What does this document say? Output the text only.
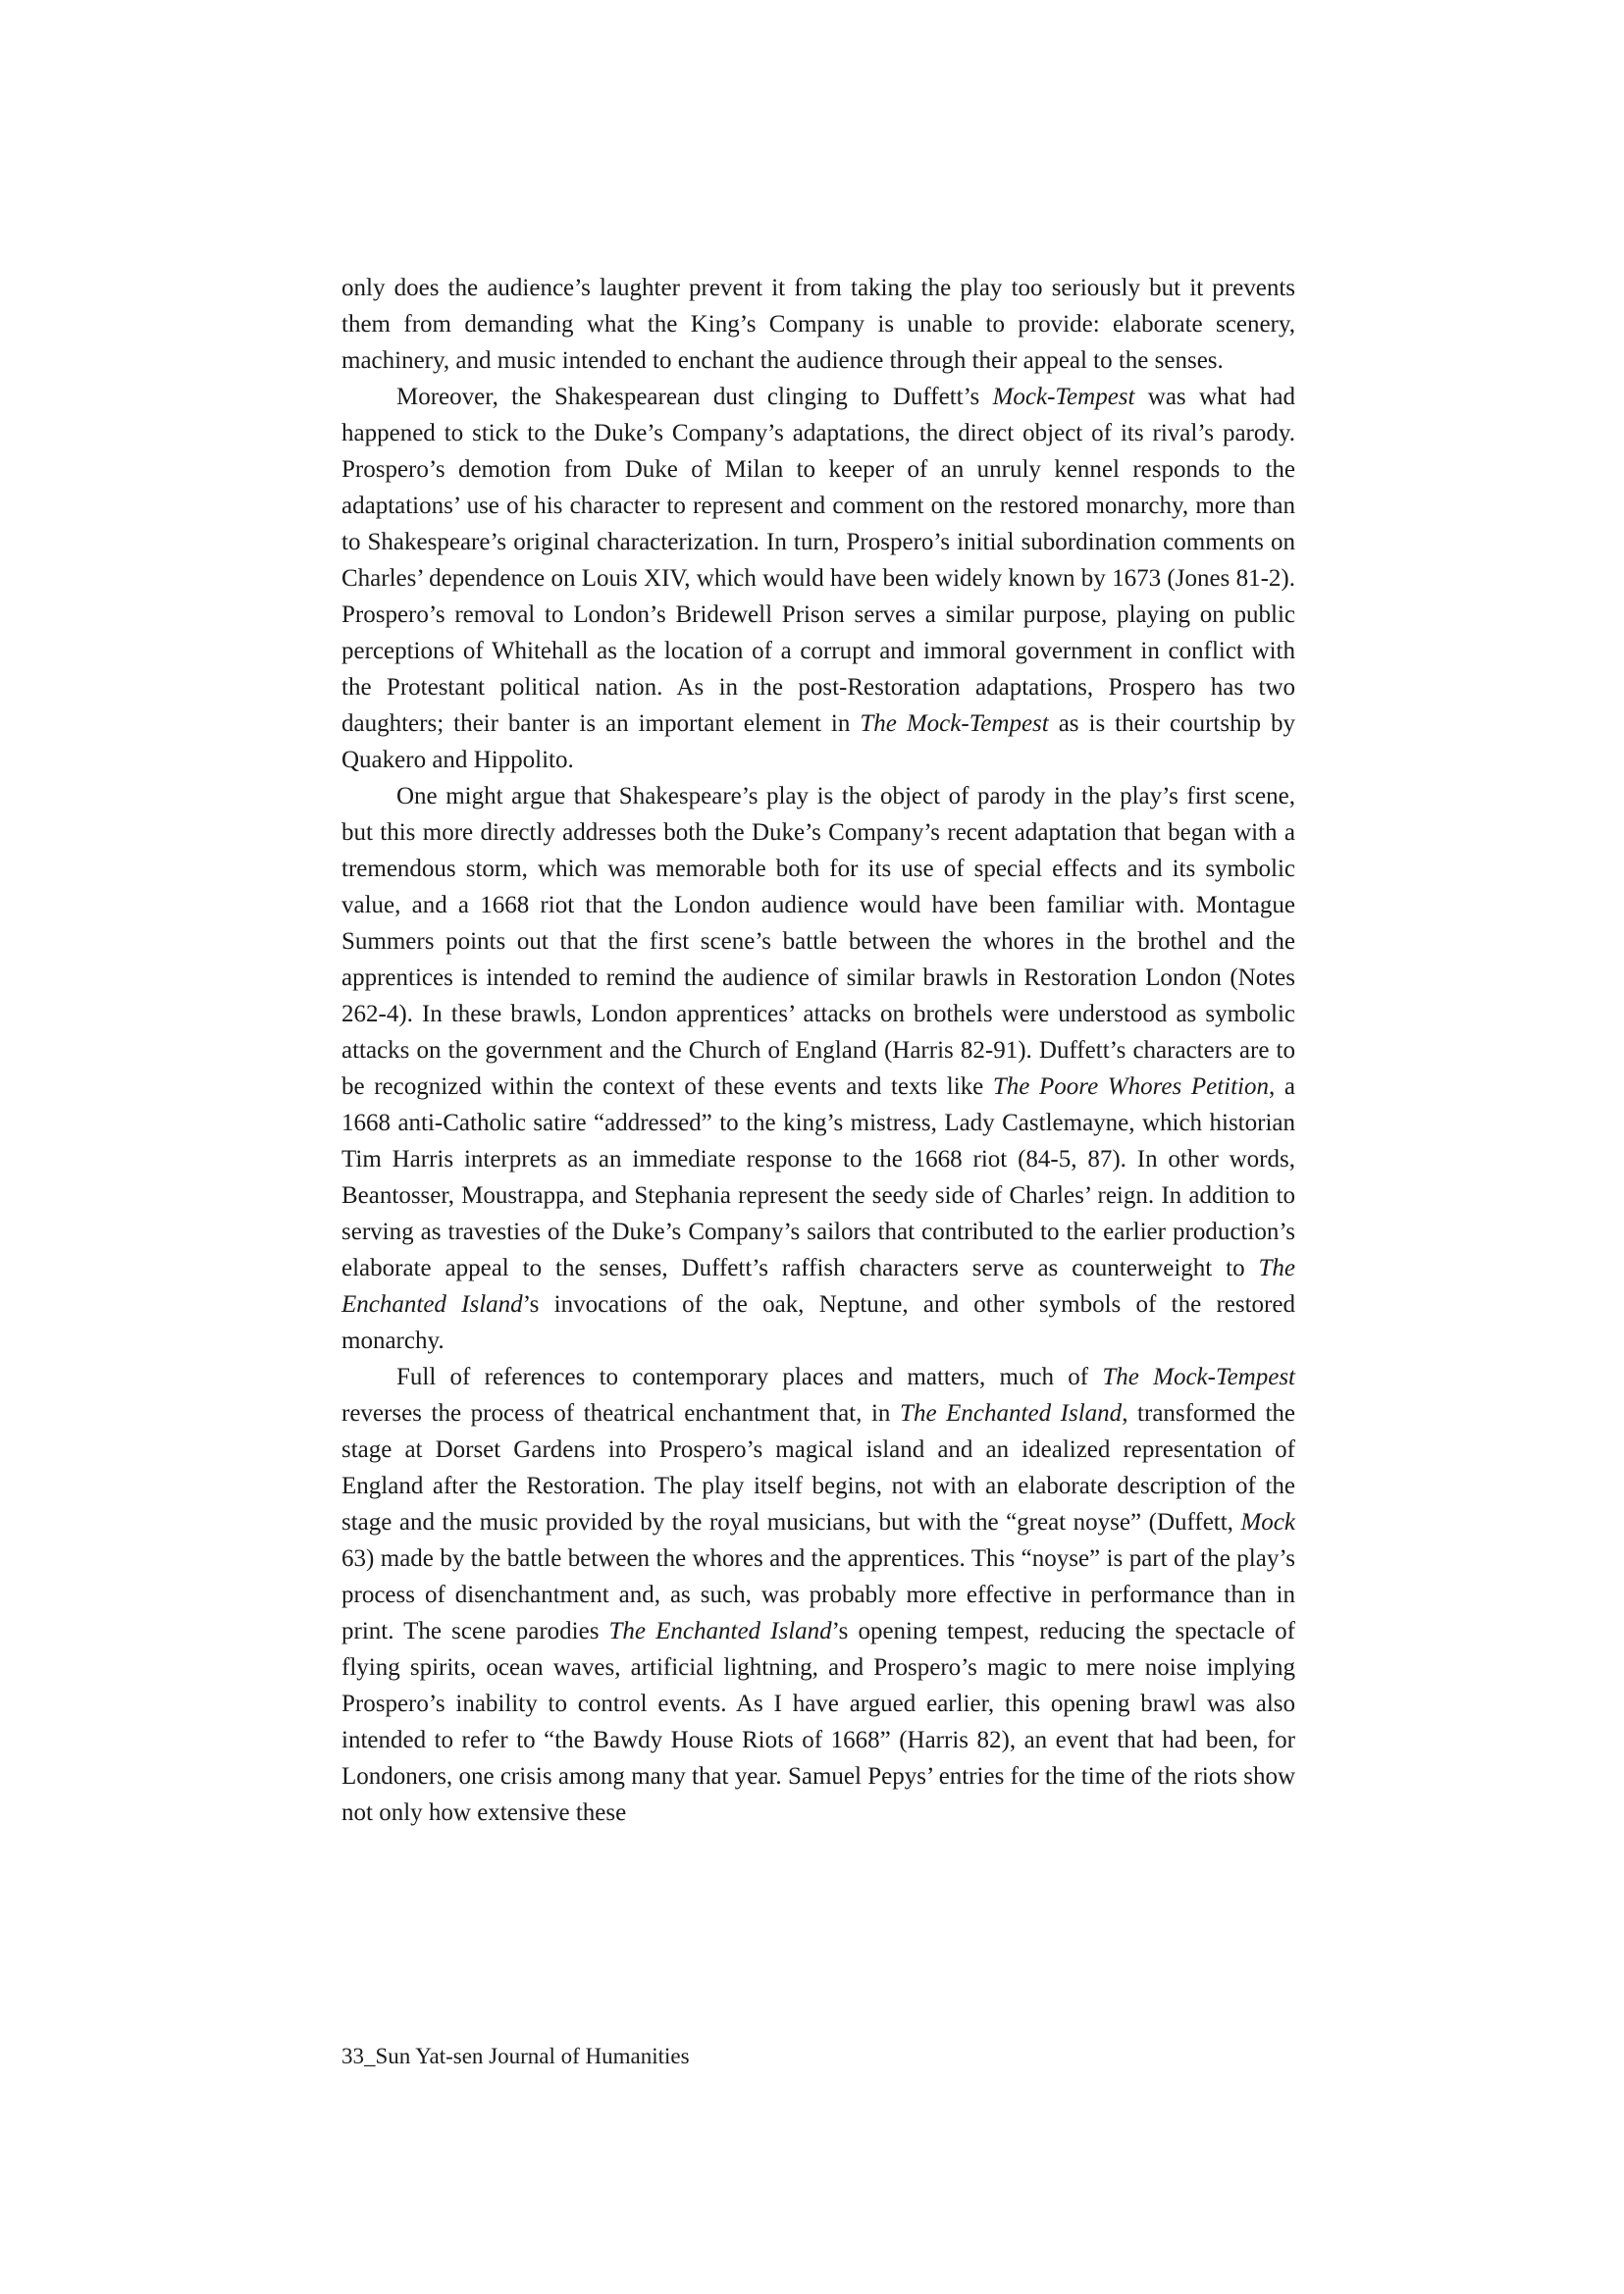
only does the audience’s laughter prevent it from taking the play too seriously but it prevents them from demanding what the King’s Company is unable to provide: elaborate scenery, machinery, and music intended to enchant the audience through their appeal to the senses.

Moreover, the Shakespearean dust clinging to Duffett’s Mock-Tempest was what had happened to stick to the Duke’s Company’s adaptations, the direct object of its rival’s parody. Prospero’s demotion from Duke of Milan to keeper of an unruly kennel responds to the adaptations’ use of his character to represent and comment on the restored monarchy, more than to Shakespeare’s original characterization. In turn, Prospero’s initial subordination comments on Charles’ dependence on Louis XIV, which would have been widely known by 1673 (Jones 81-2). Prospero’s removal to London’s Bridewell Prison serves a similar purpose, playing on public perceptions of Whitehall as the location of a corrupt and immoral government in conflict with the Protestant political nation. As in the post-Restoration adaptations, Prospero has two daughters; their banter is an important element in The Mock-Tempest as is their courtship by Quakero and Hippolito.

One might argue that Shakespeare’s play is the object of parody in the play’s first scene, but this more directly addresses both the Duke’s Company’s recent adaptation that began with a tremendous storm, which was memorable both for its use of special effects and its symbolic value, and a 1668 riot that the London audience would have been familiar with. Montague Summers points out that the first scene’s battle between the whores in the brothel and the apprentices is intended to remind the audience of similar brawls in Restoration London (Notes 262-4). In these brawls, London apprentices’ attacks on brothels were understood as symbolic attacks on the government and the Church of England (Harris 82-91). Duffett’s characters are to be recognized within the context of these events and texts like The Poore Whores Petition, a 1668 anti-Catholic satire “addressed” to the king’s mistress, Lady Castlemayne, which historian Tim Harris interprets as an immediate response to the 1668 riot (84-5, 87). In other words, Beantosser, Moustrappa, and Stephania represent the seedy side of Charles’ reign. In addition to serving as travesties of the Duke’s Company’s sailors that contributed to the earlier production’s elaborate appeal to the senses, Duffett’s raffish characters serve as counterweight to The Enchanted Island’s invocations of the oak, Neptune, and other symbols of the restored monarchy.

Full of references to contemporary places and matters, much of The Mock-Tempest reverses the process of theatrical enchantment that, in The Enchanted Island, transformed the stage at Dorset Gardens into Prospero’s magical island and an idealized representation of England after the Restoration. The play itself begins, not with an elaborate description of the stage and the music provided by the royal musicians, but with the “great noyse” (Duffett, Mock 63) made by the battle between the whores and the apprentices. This “noyse” is part of the play’s process of disenchantment and, as such, was probably more effective in performance than in print. The scene parodies The Enchanted Island’s opening tempest, reducing the spectacle of flying spirits, ocean waves, artificial lightning, and Prospero’s magic to mere noise implying Prospero’s inability to control events. As I have argued earlier, this opening brawl was also intended to refer to “the Bawdy House Riots of 1668” (Harris 82), an event that had been, for Londoners, one crisis among many that year. Samuel Pepys’ entries for the time of the riots show not only how extensive these

33_Sun Yat-sen Journal of Humanities
